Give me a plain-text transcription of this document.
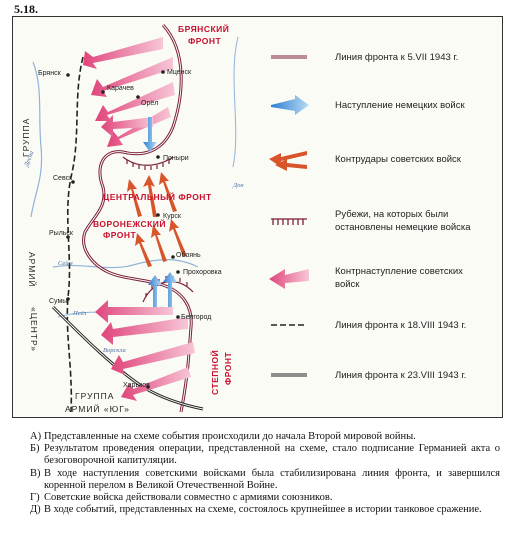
5.18.
Брянск
Карачев
Орёл
Мценск
Поныри
Севск
Курск
Рыльск
Обоянь
Прохоровка
Сумы
Белгород
Харьков
Десна
Сейм
Псёл
Ворскла
Дон
БРЯНСКИЙ
ФРОНТ
ЦЕНТРАЛЬНЫЙ ФРОНТ
ВОРОНЕЖСКИЙ
ФРОНТ
СТЕПНОЙ ФРОНТ
ГРУППА
АРМИЙ
«ЦЕНТР»
ГРУППА
АРМИЙ «ЮГ»
Линия фронта к 5.VII 1943 г.
Наступление немецких войск
Контрудары советских войск
Рубежи, на которых были
остановлены немецкие войска
Контрнаступление советских
войск
Линия фронта к 18.VIII 1943 г.
Линия фронта к 23.VIII 1943 г.
А) Представленные на схеме события происходили до начала Второй мировой войны.
Б) Результатом проведения операции, представленной на схеме, стало подписание Германией акта о безоговорочной капитуляции.
В) В ходе наступления советскими войсками была стабилизирована линия фронта, и завершился коренной перелом в Великой Отечественной Войне.
Г) Советские войска действовали совместно с армиями союзников.
Д) В ходе событий, представленных на схеме, состоялось крупнейшее в истории танковое сражение.
